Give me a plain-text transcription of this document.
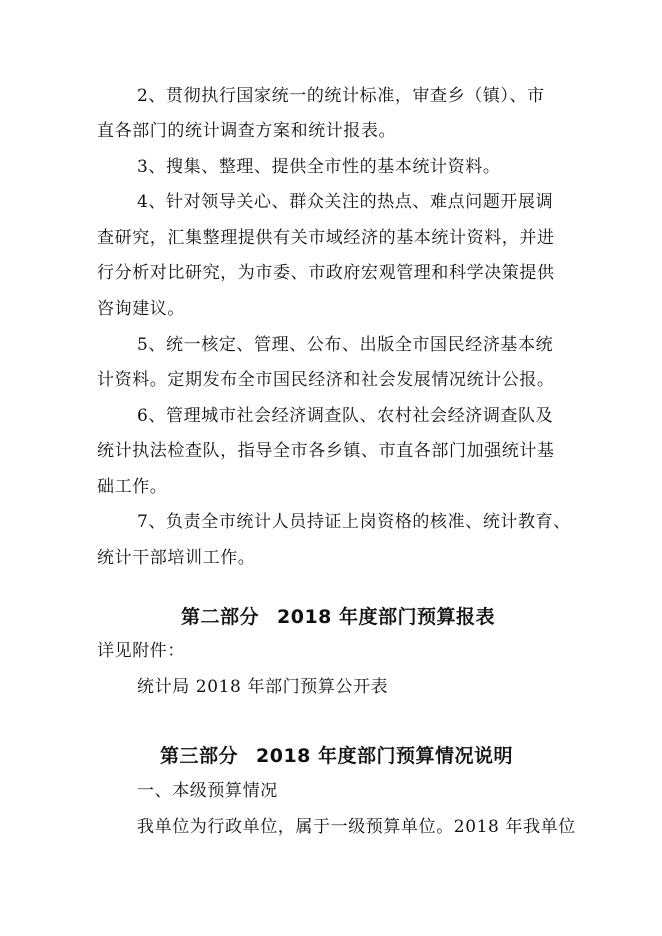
2、贯彻执行国家统一的统计标准，审查乡（镇）、市
直各部门的统计调查方案和统计报表。
3、搜集、整理、提供全市性的基本统计资料。
4、针对领导关心、群众关注的热点、难点问题开展调
查研究，汇集整理提供有关市域经济的基本统计资料，并进
行分析对比研究，为市委、市政府宏观管理和科学决策提供
咨询建议。
5、统一核定、管理、公布、出版全市国民经济基本统
计资料。定期发布全市国民经济和社会发展情况统计公报。
6、管理城市社会经济调查队、农村社会经济调查队及
统计执法检查队，指导全市各乡镇、市直各部门加强统计基
础工作。
7、负责全市统计人员持证上岗资格的核准、统计教育、
统计干部培训工作。
第二部分 2018 年度部门预算报表
详见附件：
统计局 2018 年部门预算公开表
第三部分 2018 年度部门预算情况说明
一、本级预算情况
我单位为行政单位，属于一级预算单位。2018 年我单位
